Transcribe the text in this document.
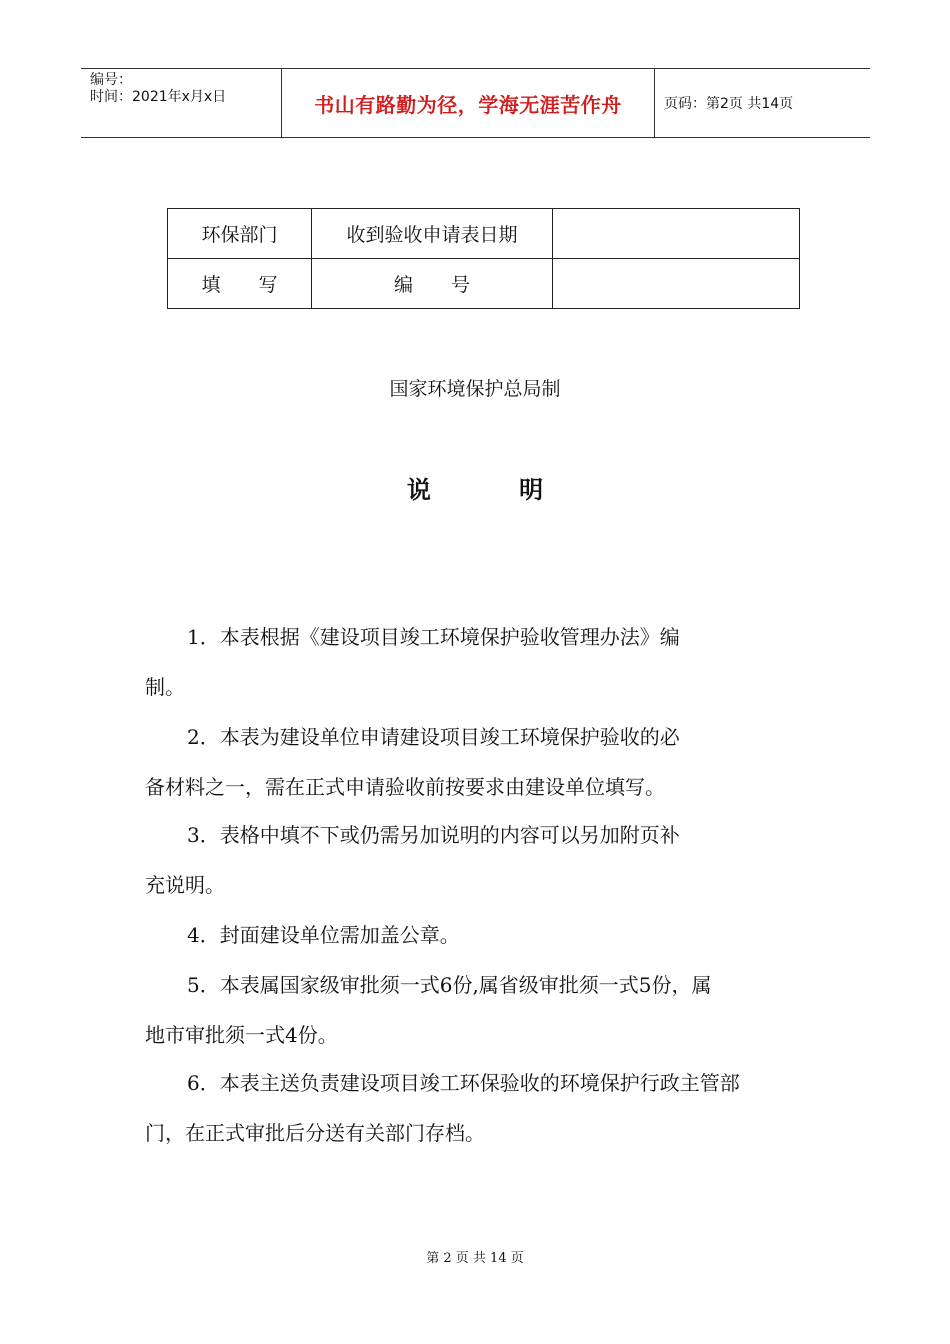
编号：
时间：2021年x月x日	书山有路勤为径，学海无涯苦作舟	页码：第2页 共14页
环保部门	收到验收申请表日期	
填　　写	编　　号	
国家环境保护总局制
说 明
1．本表根据《建设项目竣工环境保护验收管理办法》编
制。
2．本表为建设单位申请建设项目竣工环境保护验收的必
备材料之一，需在正式申请验收前按要求由建设单位填写。
3．表格中填不下或仍需另加说明的内容可以另加附页补
充说明。
4．封面建设单位需加盖公章。
5．本表属国家级审批须一式6份,属省级审批须一式5份，属
地市审批须一式4份。
6．本表主送负责建设项目竣工环保验收的环境保护行政主管部
门，在正式审批后分送有关部门存档。
第 2 页 共 14 页
